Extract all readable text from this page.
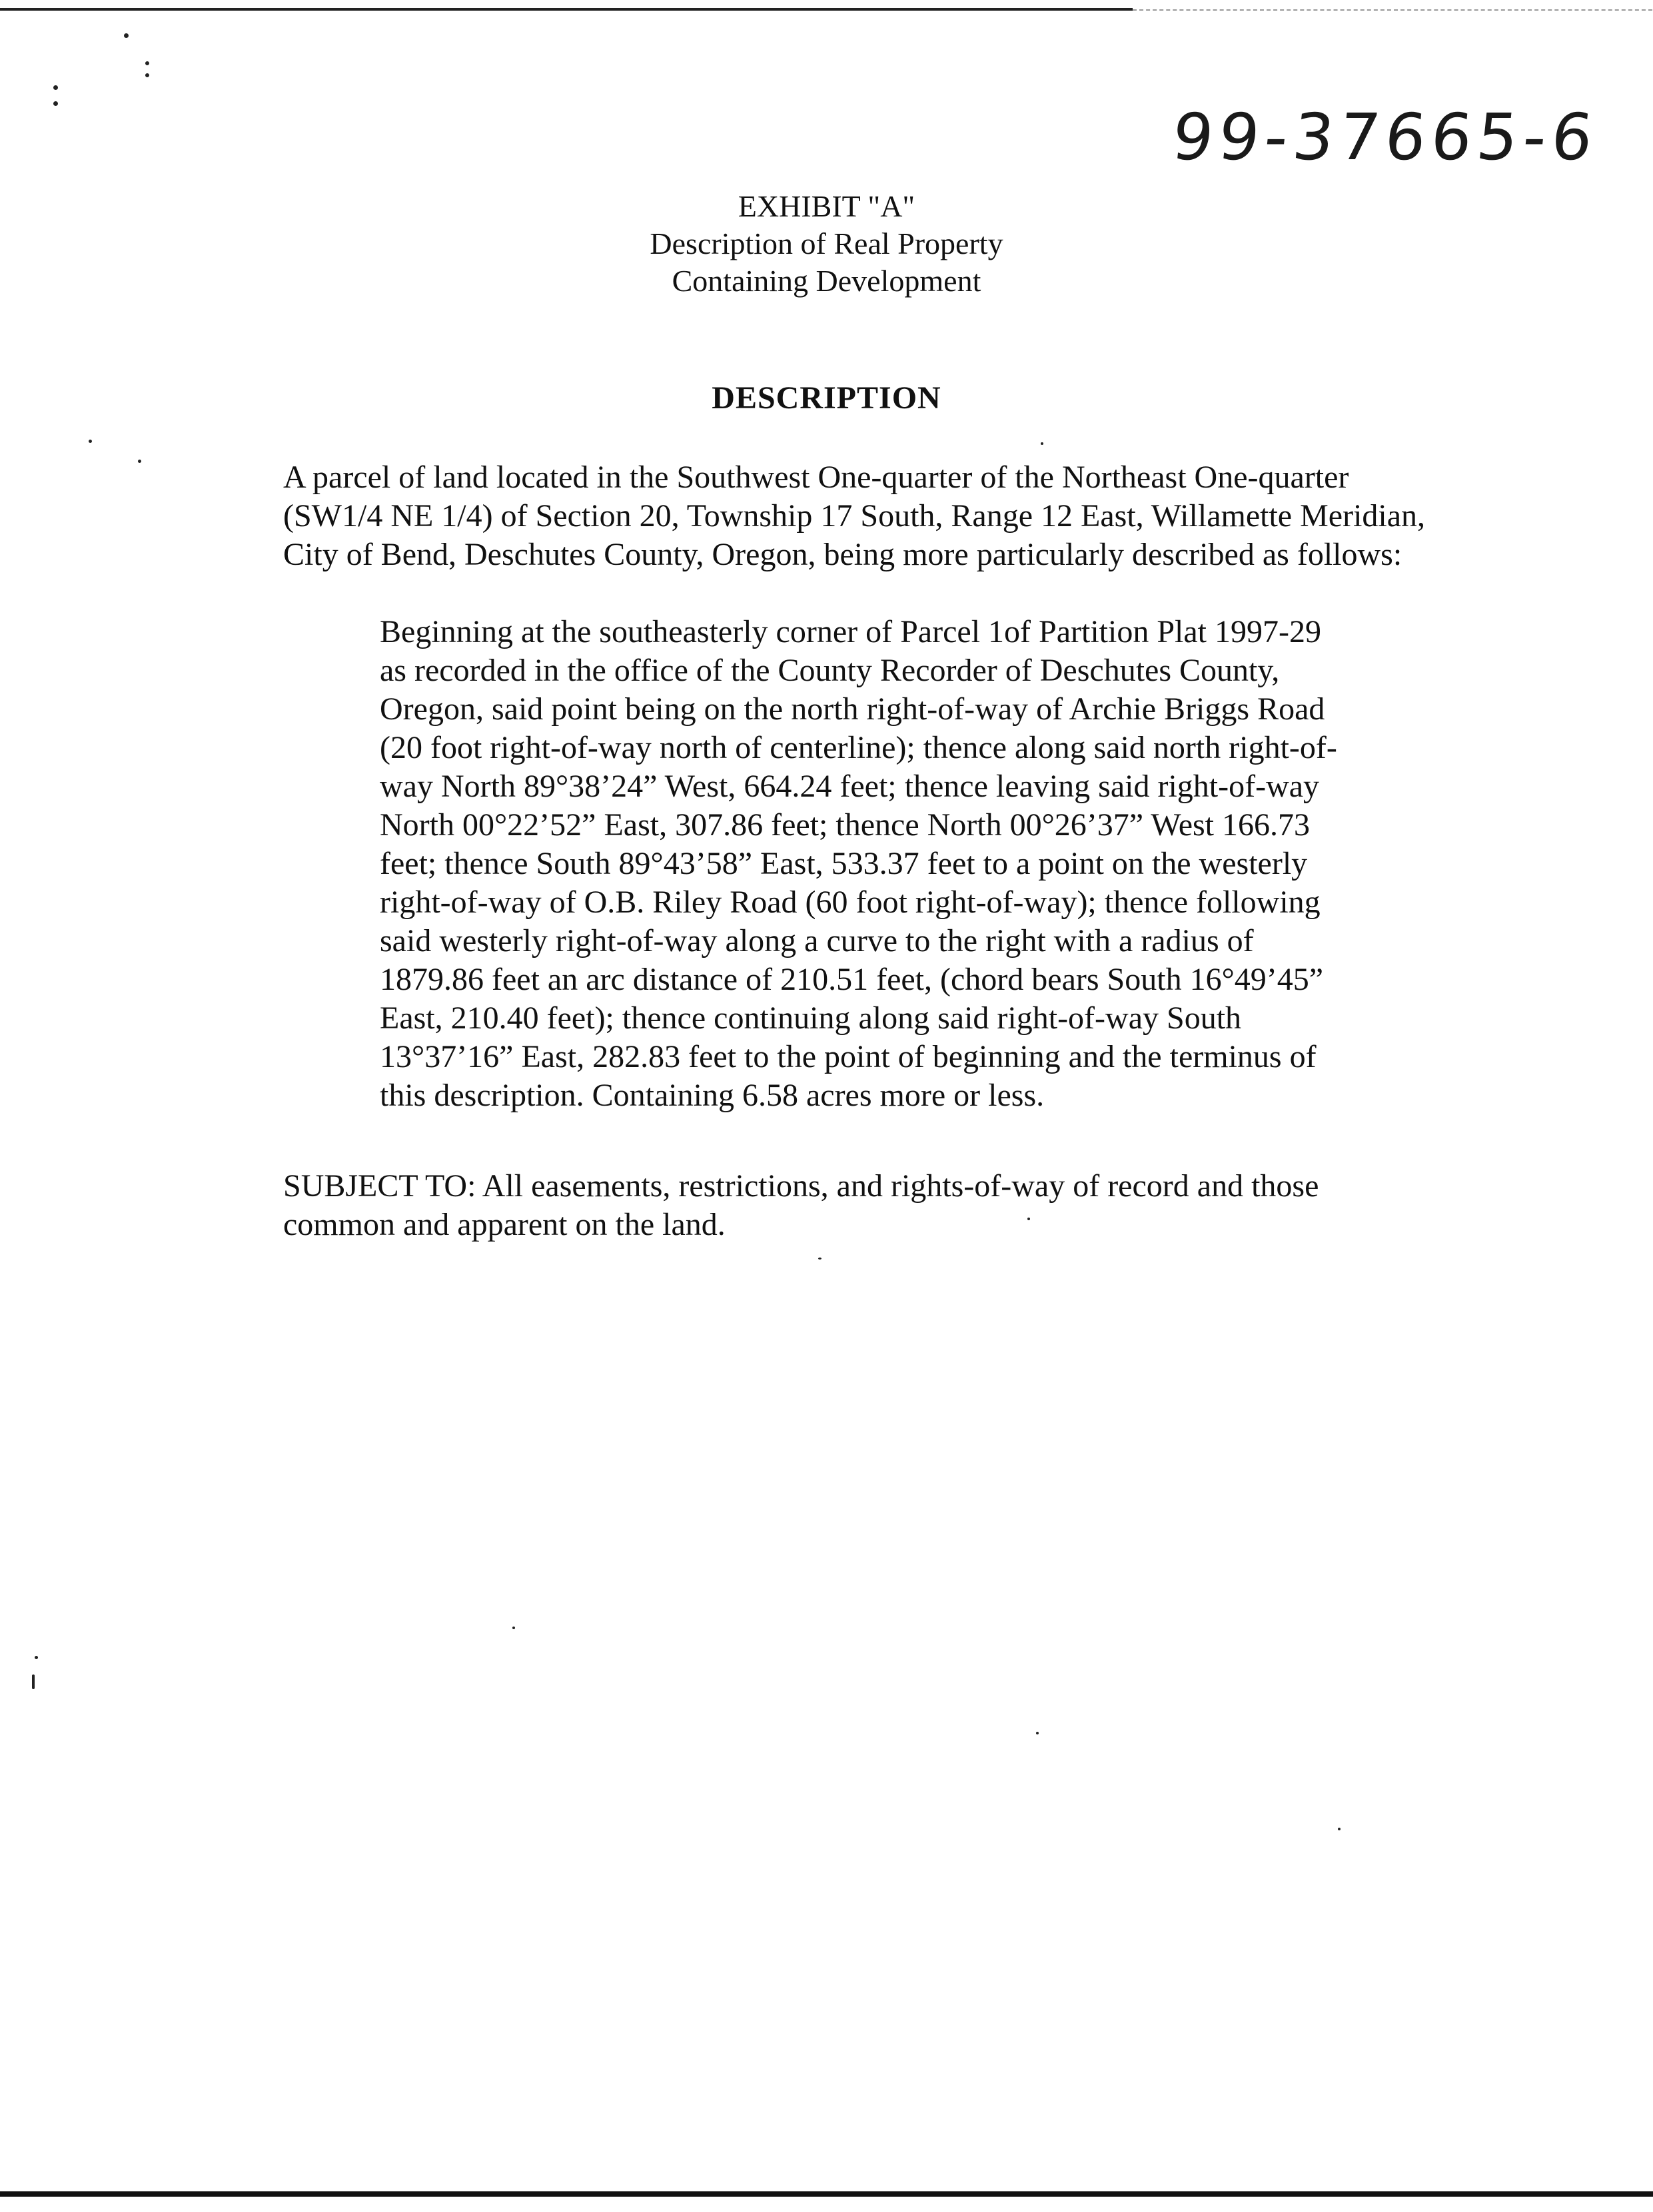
99-37665-6
EXHIBIT "A"
Description of Real Property
Containing Development
DESCRIPTION

A parcel of land located in the Southwest One-quarter of the Northeast One-quarter

(SW1/4 NE 1/4) of Section 20, Township 17 South, Range 12 East, Willamette Meridian,

City of Bend, Deschutes County, Oregon, being more particularly described as follows:

Beginning at the southeasterly corner of Parcel 1of Partition Plat 1997-29

as recorded in the office of the County Recorder of Deschutes County,

Oregon, said point being on the north right-of-way of Archie Briggs Road

(20 foot right-of-way north of centerline); thence along said north right-of-

way North 89°38’24” West, 664.24 feet; thence leaving said right-of-way

North 00°22’52” East, 307.86 feet; thence North 00°26’37” West 166.73

feet; thence South 89°43’58” East, 533.37 feet to a point on the westerly

right-of-way of O.B. Riley Road (60 foot right-of-way); thence following

said westerly right-of-way along a curve to the right with a radius of

1879.86 feet an arc distance of 210.51 feet, (chord bears South 16°49’45”

East, 210.40 feet); thence continuing along said right-of-way South

13°37’16” East, 282.83 feet to the point of beginning and the terminus of

this description. Containing 6.58 acres more or less.

SUBJECT TO: All easements, restrictions, and rights-of-way of record and those

common and apparent on the land.
